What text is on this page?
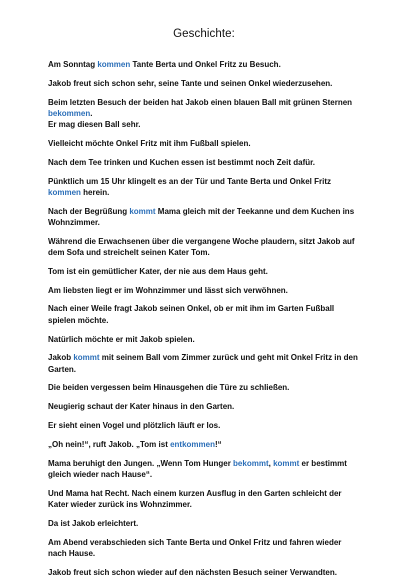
Geschichte:

Am Sonntag kommen Tante Berta und Onkel Fritz zu Besuch.

Jakob freut sich schon sehr, seine Tante und seinen Onkel wiederzusehen.

Beim letzten Besuch der beiden hat Jakob einen blauen Ball mit grünen Sternen bekommen.
Er mag diesen Ball sehr.

Vielleicht möchte Onkel Fritz mit ihm Fußball spielen.

Nach dem Tee trinken und Kuchen essen ist bestimmt noch Zeit dafür.

Pünktlich um 15 Uhr klingelt es an der Tür und Tante Berta und Onkel Fritz kommen herein.

Nach der Begrüßung kommt Mama gleich mit der Teekanne und dem Kuchen ins Wohnzimmer.

Während die Erwachsenen über die vergangene Woche plaudern, sitzt Jakob auf dem Sofa und streichelt seinen Kater Tom.

Tom ist ein gemütlicher Kater, der nie aus dem Haus geht.

Am liebsten liegt er im Wohnzimmer und lässt sich verwöhnen.

Nach einer Weile fragt Jakob seinen Onkel, ob er mit ihm im Garten Fußball spielen möchte.

Natürlich möchte er mit Jakob spielen.

Jakob kommt mit seinem Ball vom Zimmer zurück und geht mit Onkel Fritz in den Garten.

Die beiden vergessen beim Hinausgehen die Türe zu schließen.

Neugierig schaut der Kater hinaus in den Garten.

Er sieht einen Vogel und plötzlich läuft er los.

„Oh nein!“, ruft Jakob. „Tom ist entkommen!“

Mama beruhigt den Jungen. „Wenn Tom Hunger bekommt, kommt er bestimmt gleich wieder nach Hause“.

Und Mama hat Recht. Nach einem kurzen Ausflug in den Garten schleicht der Kater wieder zurück ins Wohnzimmer.

Da ist Jakob erleichtert.

Am Abend verabschieden sich Tante Berta und Onkel Fritz und fahren wieder nach Hause.

Jakob freut sich schon wieder auf den nächsten Besuch seiner Verwandten.
